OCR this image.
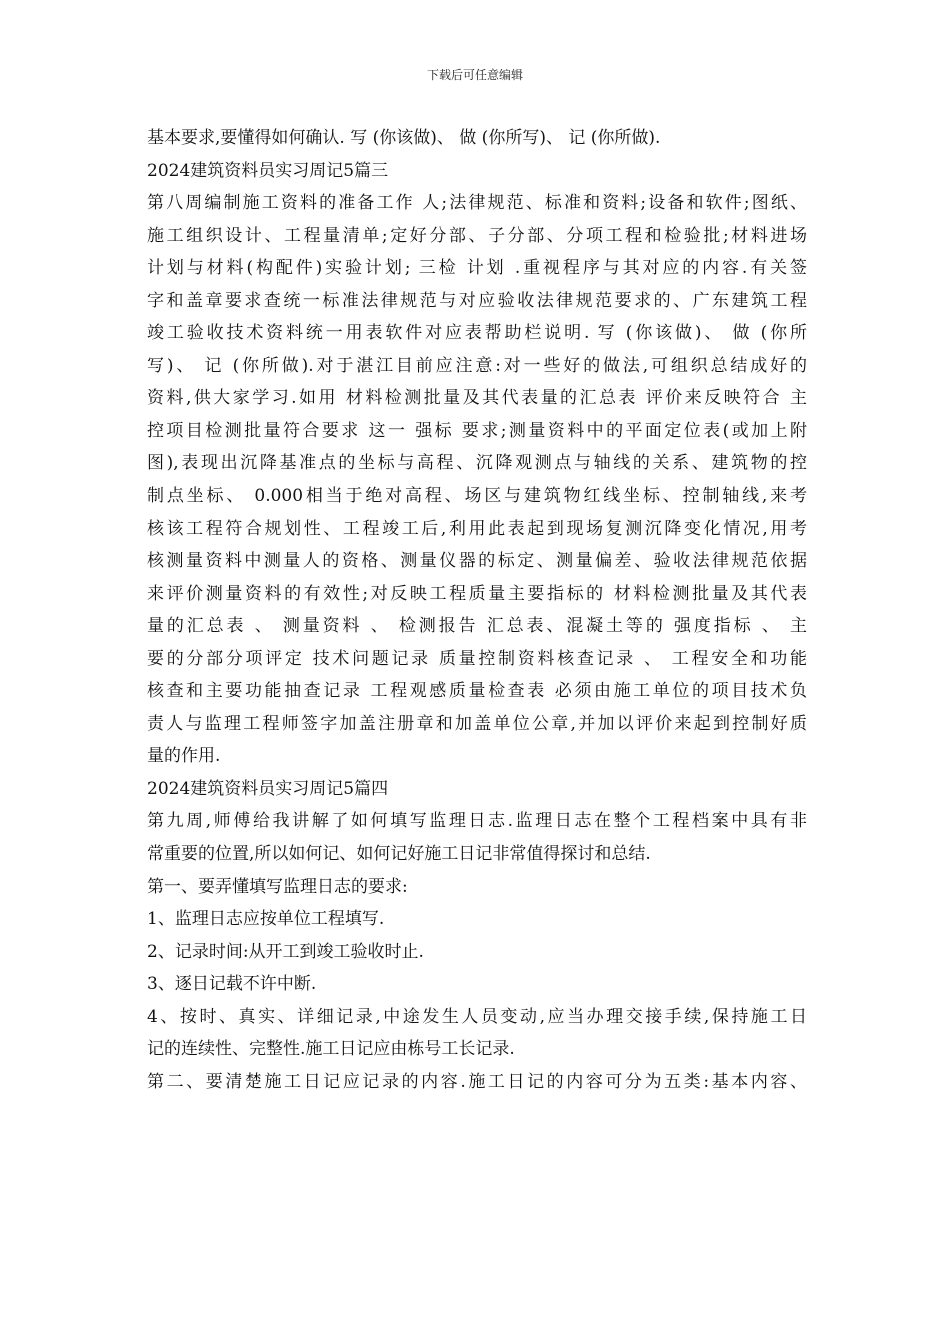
下载后可任意编辑
基本要求,要懂得如何确认. 写 (你该做)、 做 (你所写)、 记 (你所做).
2024建筑资料员实习周记5篇三
第八周编制施工资料的准备工作 人;法律规范、标准和资料;设备和软件;图纸、
施工组织设计、工程量清单;定好分部、子分部、分项工程和检验批;材料进场
计划与材料(构配件)实验计划; 三检 计划 .重视程序与其对应的内容.有关签
字和盖章要求查统一标准法律规范与对应验收法律规范要求的、广东建筑工程
竣工验收技术资料统一用表软件对应表帮助栏说明. 写 (你该做)、 做 (你所
写)、 记 (你所做).对于湛江目前应注意:对一些好的做法,可组织总结成好的
资料,供大家学习.如用 材料检测批量及其代表量的汇总表 评价来反映符合 主
控项目检测批量符合要求 这一 强标 要求;测量资料中的平面定位表(或加上附
图),表现出沉降基准点的坐标与高程、沉降观测点与轴线的关系、建筑物的控
制点坐标、 0.000相当于绝对高程、场区与建筑物红线坐标、控制轴线,来考
核该工程符合规划性、工程竣工后,利用此表起到现场复测沉降变化情况,用考
核测量资料中测量人的资格、测量仪器的标定、测量偏差、验收法律规范依据
来评价测量资料的有效性;对反映工程质量主要指标的 材料检测批量及其代表
量的汇总表 、 测量资料 、 检测报告 汇总表、混凝土等的 强度指标 、 主
要的分部分项评定 技术问题记录 质量控制资料核查记录 、 工程安全和功能
核查和主要功能抽查记录 工程观感质量检查表 必须由施工单位的项目技术负
责人与监理工程师签字加盖注册章和加盖单位公章,并加以评价来起到控制好质
量的作用.
2024建筑资料员实习周记5篇四
第九周,师傅给我讲解了如何填写监理日志.监理日志在整个工程档案中具有非
常重要的位置,所以如何记、如何记好施工日记非常值得探讨和总结.
第一、要弄懂填写监理日志的要求:
1、监理日志应按单位工程填写.
2、记录时间:从开工到竣工验收时止.
3、逐日记载不许中断.
4、按时、真实、详细记录,中途发生人员变动,应当办理交接手续,保持施工日
记的连续性、完整性.施工日记应由栋号工长记录.
第二、要清楚施工日记应记录的内容.施工日记的内容可分为五类:基本内容、
